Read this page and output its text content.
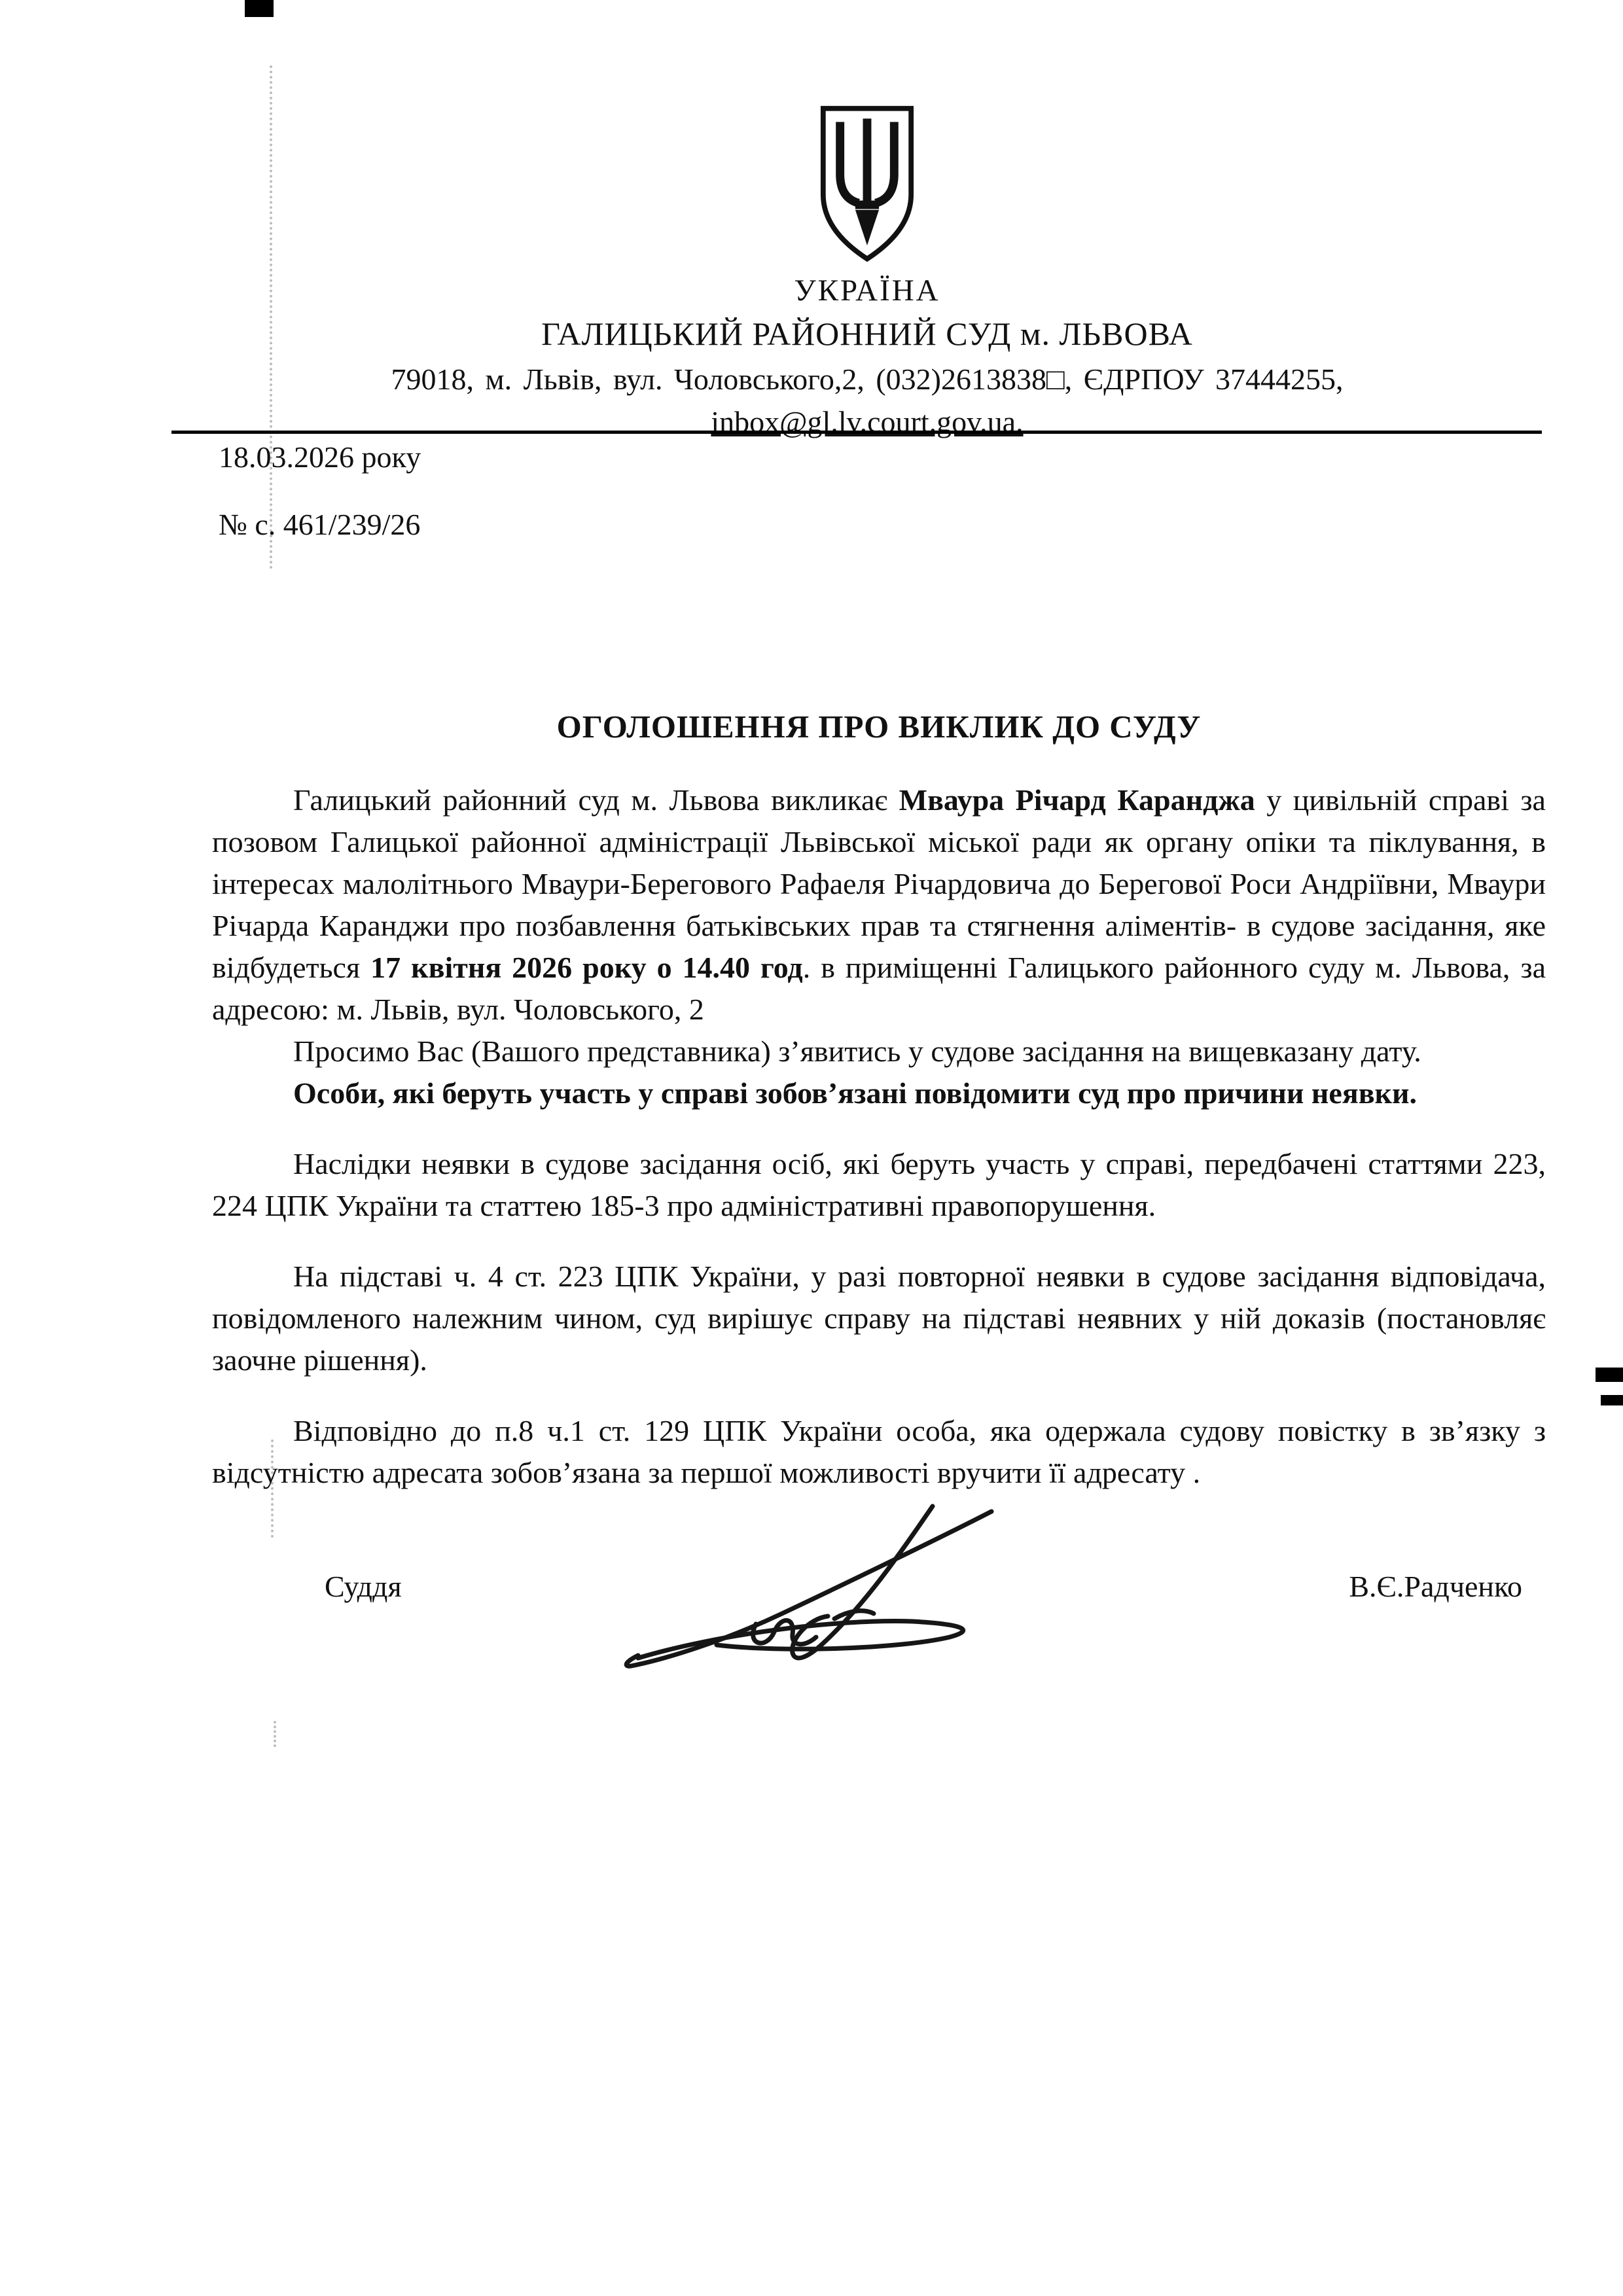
УКРАЇНА
ГАЛИЦЬКИЙ РАЙОННИЙ СУД м. ЛЬВОВА
79018, м. Львів, вул. Чоловського,2, (032)2613838□, ЄДРПОУ 37444255,
inbox@gl.lv.court.gov.ua.
18.03.2026 року
№ с. 461/239/26
ОГОЛОШЕННЯ ПРО ВИКЛИК ДО СУДУ

Галицький районний суд м. Львова викликає Мваура Річард Каранджа у цивільній справі за позовом Галицької районної адміністрації Львівської міської ради як органу опіки та піклування, в інтересах малолітнього Мваури-Берегового Рафаеля Річардовича до Берегової Роси Андріївни, Мваури Річарда Каранджи про позбавлення батьківських прав та стягнення аліментів- в судове засідання, яке відбудеться 17 квітня 2026 року о 14.40 год. в приміщенні Галицького районного суду м. Львова, за адресою: м. Львів, вул. Чоловського, 2

Просимо Вас (Вашого представника) з’явитись у судове засідання на вищевказану дату.

Особи, які беруть участь у справі зобов’язані повідомити суд про причини неявки.

Наслідки неявки в судове засідання осіб, які беруть участь у справі, передбачені статтями 223, 224 ЦПК України та статтею 185-3 про адміністративні правопорушення.

На підставі ч. 4 ст. 223 ЦПК України, у разі повторної неявки в судове засідання відповідача, повідомленого належним чином, суд вирішує справу на підставі неявних у ній доказів (постановляє заочне рішення).

Відповідно до п.8 ч.1 ст. 129 ЦПК України особа, яка одержала судову повістку в зв’язку з відсутністю адресата зобов’язана за першої можливості вручити її адресату .

Суддя	В.Є.Радченко
